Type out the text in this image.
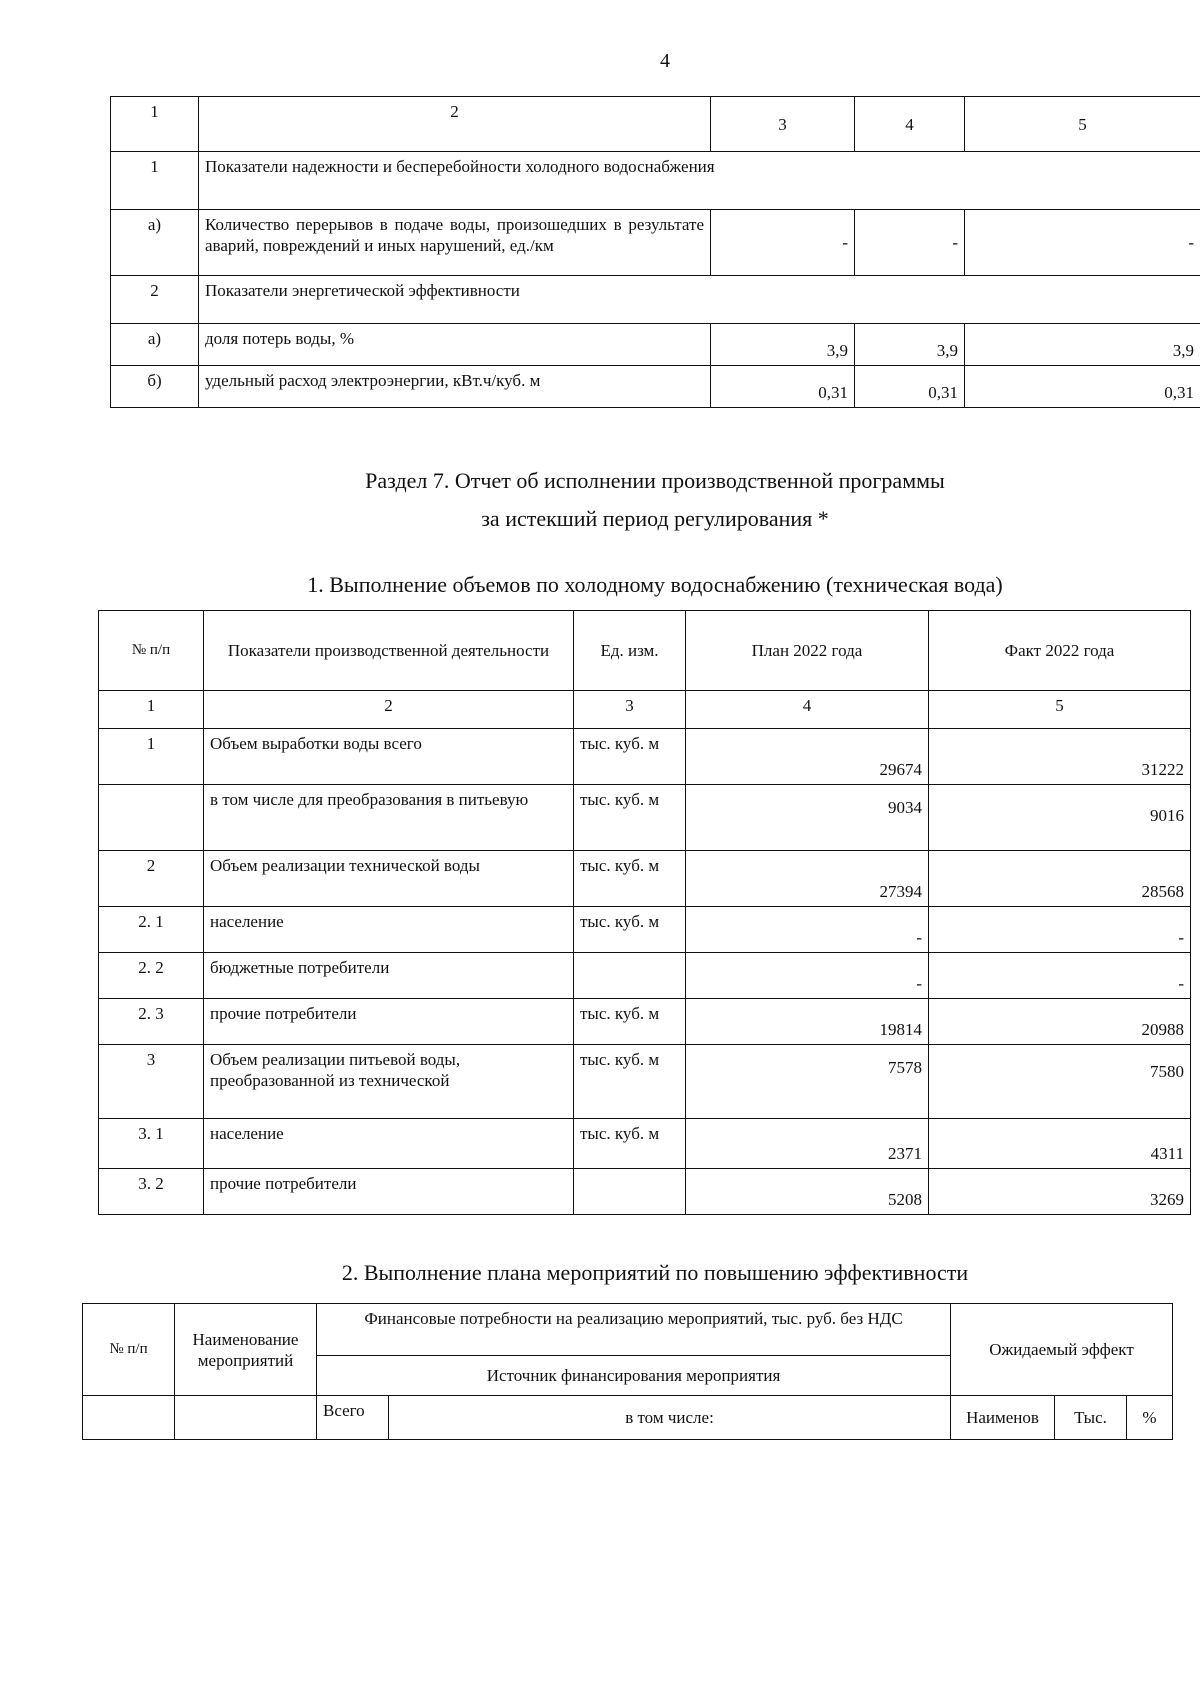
4
1	2	3	4	5
1	Показатели надежности и бесперебойности холодного водоснабжения			
а)	Количество перерывов в подаче воды, произошедших в результате аварий, повреждений и иных нарушений, ед./км	-	-	-
2	Показатели энергетической эффективности			
а)	доля потерь воды, %	3,9	3,9	3,9
б)	удельный расход электроэнергии, кВт.ч/куб. м	0,31	0,31	0,31
Раздел 7. Отчет об исполнении производственной программы
за истекший период регулирования *
1. Выполнение объемов по холодному водоснабжению (техническая вода)
№ п/п	Показатели производственной деятельности	Ед. изм.	План 2022 года	Факт 2022 года
1	2	3	4	5
1	Объем выработки воды всего	тыс. куб. м	29674	31222
	в том числе для преобразования в питьевую	тыс. куб. м	9034	9016
2	Объем реализации технической воды	тыс. куб. м	27394	28568
2. 1	население	тыс. куб. м	-	-
2. 2	бюджетные потребители		-	-
2. 3	прочие потребители	тыс. куб. м	19814	20988
3	Объем реализации питьевой воды, преобразованной из технической	тыс. куб. м	7578	7580
3. 1	население	тыс. куб. м	2371	4311
3. 2	прочие потребители		5208	3269
2. Выполнение плана мероприятий по повышению эффективности
№ п/п	Наименование мероприятий	Финансовые потребности на реализацию мероприятий, тыс. руб. без НДС		Ожидаемый эффект		
		Источник финансирования мероприятия				
		Всего	в том числе:	Наименов	Тыс.	%
